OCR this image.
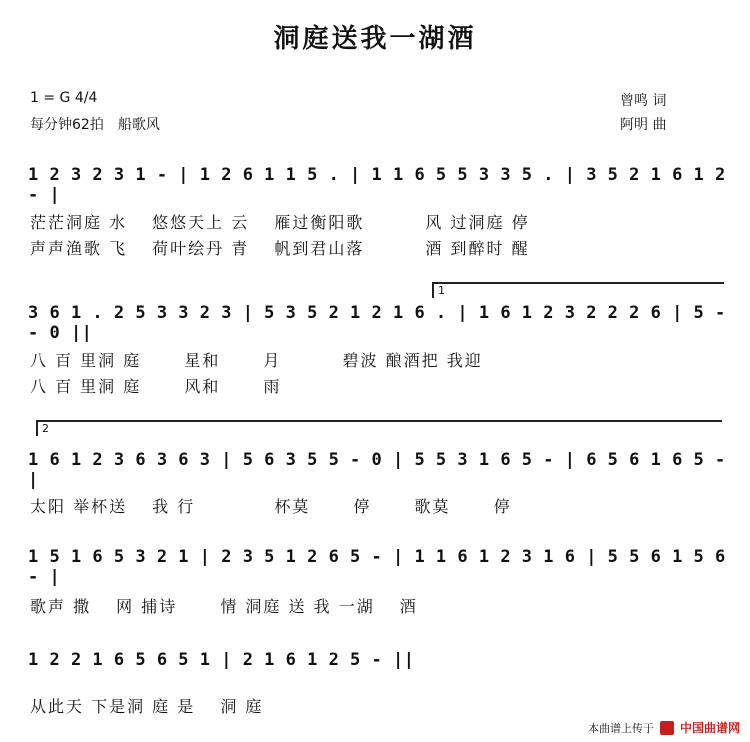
洞庭送我一湖酒
1 = G 4/4
每分钟62拍　船歌风
曾鸣 词
阿明 曲
1 2 3 2 3 1 - | 1 2 6 1 1 5 . | 1 1 6 5 5 3 3 5 . | 3 5 2 1 6 1 2 - |
茫茫洞庭 水　 悠悠天上 云　 雁过衡阳歌　　　 风 过洞庭 停
声声渔歌 飞　 荷叶绘丹 青　 帆到君山落　　　 酒 到醉时 醒
1
3 6 1 . 2 5 3 3 2 3 | 5 3 5 2 1 2 1 6 . | 1 6 1 2 3 2 2 2 6 | 5 - - 0 ||
八 百 里洞 庭　　 星和　　 月　　　 碧波 酿酒把 我迎
八 百 里洞 庭　　 风和　　 雨
2
1 6 1 2 3 6 3 6 3 | 5 6 3 5 5 - 0 | 5 5 3 1 6 5 - | 6 5 6 1 6 5 - |
太阳 举杯送　 我 行　　　　 杯莫　　 停　　 歌莫　　 停
1 5 1 6 5 3 2 1 | 2 3 5 1 2 6 5 - | 1 1 6 1 2 3 1 6 | 5 5 6 1 5 6 - |
歌声 撒　 网 捕诗　　 情 洞庭 送 我 一湖　 酒
1 2 2 1 6 5 6 5 1 | 2 1 6 1 2 5 - ||
从此天 下是洞 庭 是　 洞 庭
本曲谱上传于 中国曲谱网
